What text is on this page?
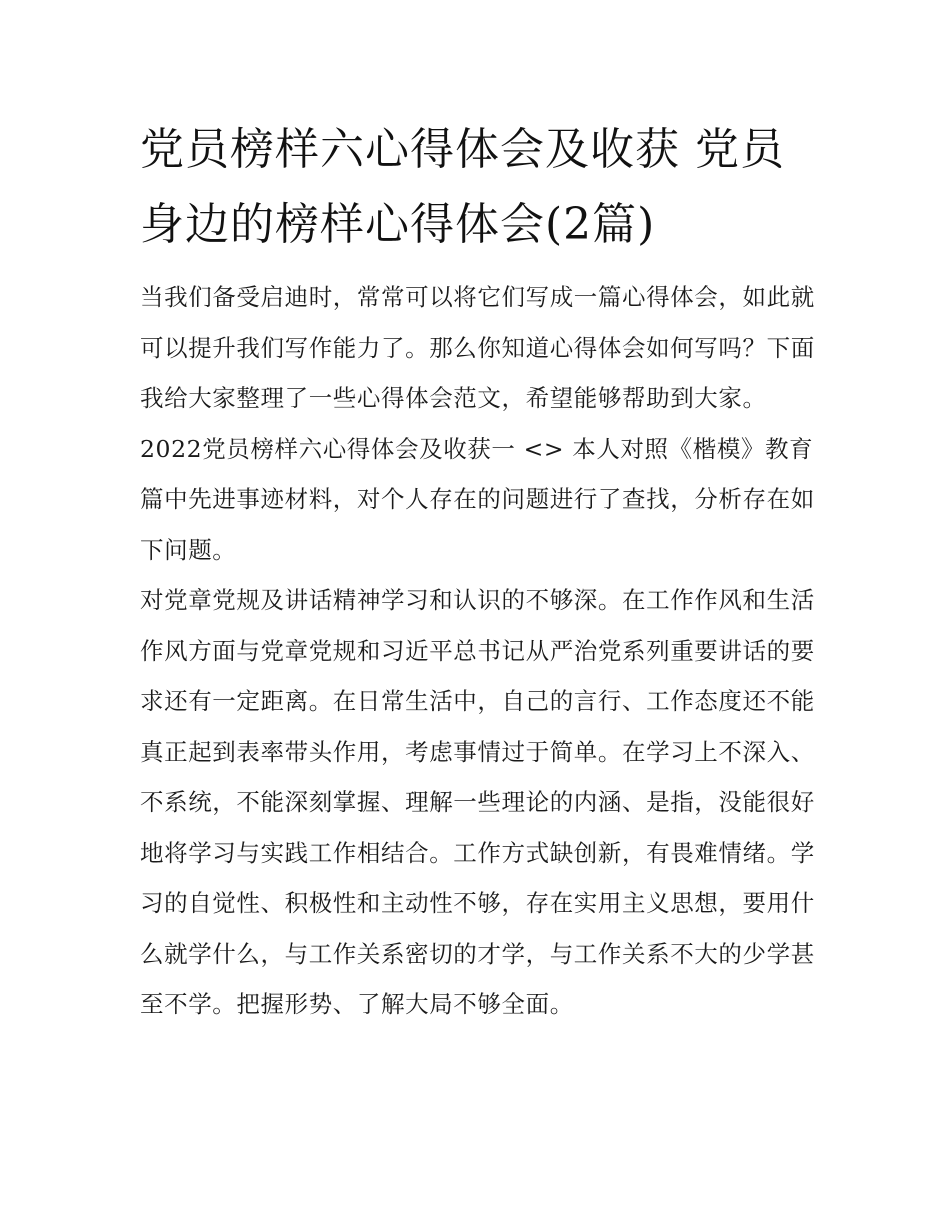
党员榜样六心得体会及收获 党员身边的榜样心得体会(2篇)

当我们备受启迪时，常常可以将它们写成一篇心得体会，如此就可以提升我们写作能力了。那么你知道心得体会如何写吗？下面我给大家整理了一些心得体会范文，希望能够帮助到大家。

2022党员榜样六心得体会及收获一 <> 本人对照《楷模》教育篇中先进事迹材料，对个人存在的问题进行了查找，分析存在如下问题。

对党章党规及讲话精神学习和认识的不够深。在工作作风和生活作风方面与党章党规和习近平总书记从严治党系列重要讲话的要求还有一定距离。在日常生活中，自己的言行、工作态度还不能真正起到表率带头作用，考虑事情过于简单。在学习上不深入、不系统，不能深刻掌握、理解一些理论的内涵、是指，没能很好地将学习与实践工作相结合。工作方式缺创新，有畏难情绪。学习的自觉性、积极性和主动性不够，存在实用主义思想，要用什么就学什么，与工作关系密切的才学，与工作关系不大的少学甚至不学。把握形势、了解大局不够全面。
